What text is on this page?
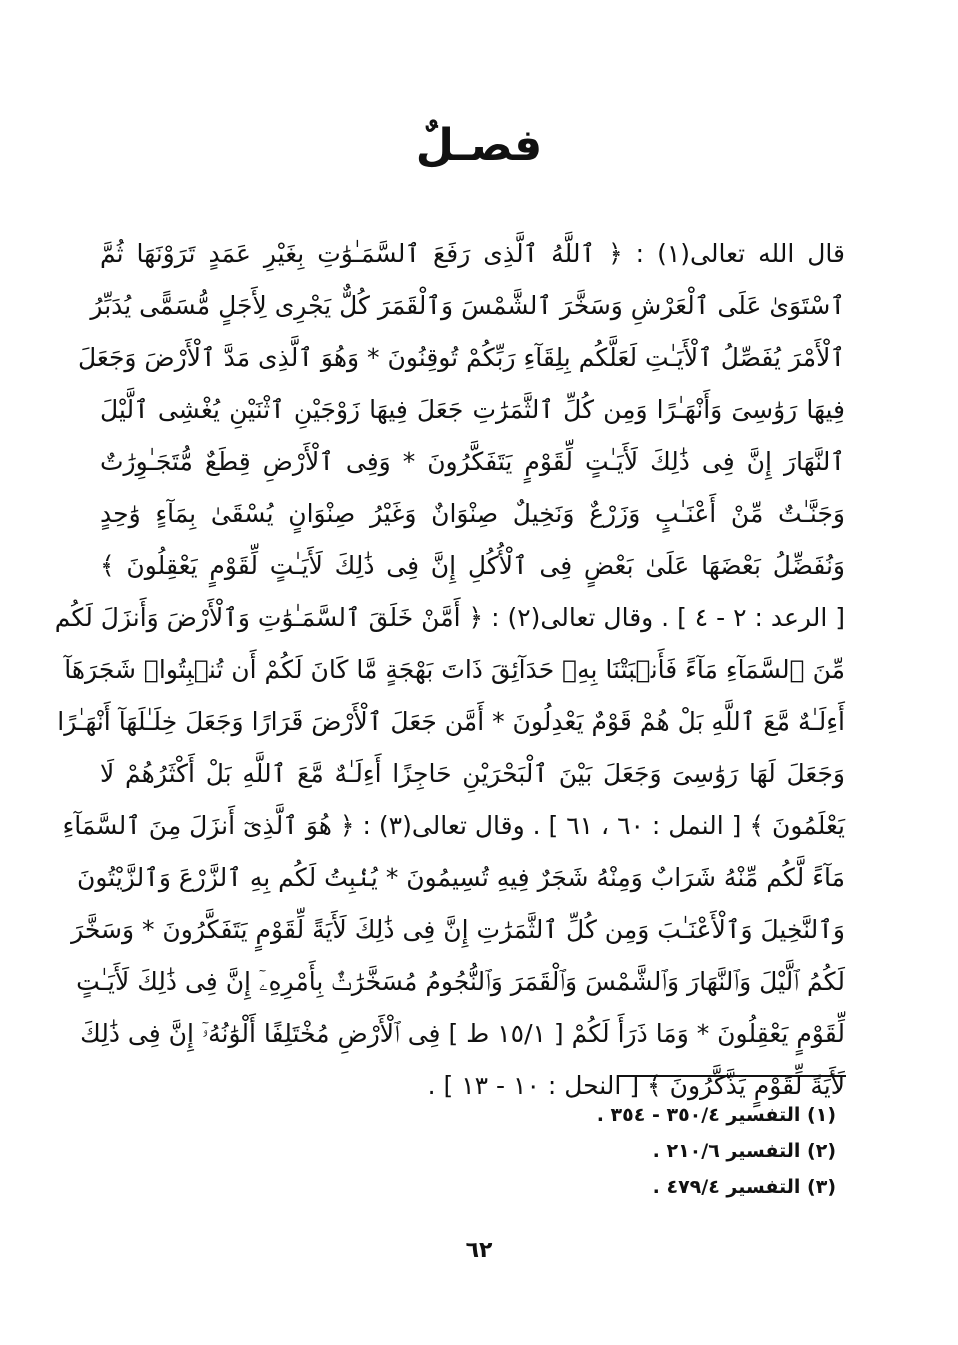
فصـلٌ
قال الله تعالى(١) : ﴿ ٱللَّهُ ٱلَّذِى رَفَعَ ٱلسَّمَـٰوَٰتِ بِغَيْرِ عَمَدٍ تَرَوْنَهَا ثُمَّ
ٱسْتَوَىٰ عَلَى ٱلْعَرْشِ وَسَخَّرَ ٱلشَّمْسَ وَٱلْقَمَرَ كُلٌّ يَجْرِى لِأَجَلٍ مُّسَمًّى يُدَبِّرُ
ٱلْأَمْرَ يُفَصِّلُ ٱلْأَيَـٰتِ لَعَلَّكُم بِلِقَآءِ رَبِّكُمْ تُوقِنُونَ * وَهُوَ ٱلَّذِى مَدَّ ٱلْأَرْضَ وَجَعَلَ
فِيهَا رَوَٰسِىَ وَأَنْهَـٰرًا وَمِن كُلِّ ٱلثَّمَرَٰتِ جَعَلَ فِيهَا زَوْجَيْنِ ٱثْنَيْنِ يُغْشِى ٱلَّيْلَ
ٱلنَّهَارَ إِنَّ فِى ذَٰلِكَ لَأَيَـٰتٍ لِّقَوْمٍ يَتَفَكَّرُونَ * وَفِى ٱلْأَرْضِ قِطَعٌ مُّتَجَـٰوِرَٰتٌ
وَجَنَّـٰتٌ مِّنْ أَعْنَـٰبٍ وَزَرْعٌ وَنَخِيلٌ صِنْوَانٌ وَغَيْرُ صِنْوَانٍ يُسْقَىٰ بِمَآءٍ وَٰحِدٍ
وَنُفَضِّلُ بَعْضَهَا عَلَىٰ بَعْضٍ فِى ٱلْأُكُلِ إِنَّ فِى ذَٰلِكَ لَأَيَـٰتٍ لِّقَوْمٍ يَعْقِلُونَ ﴾
[ الرعد : ٢ - ٤ ] . وقال تعالى(٢) : ﴿ أَمَّنْ خَلَقَ ٱلسَّمَـٰوَٰتِ وَٱلْأَرْضَ وَأَنزَلَ لَكُم
مِّنَ ٱلسَّمَآءِ مَآءً فَأَنۢبَتْنَا بِهِۦ حَدَآئِقَ ذَاتَ بَهْجَةٍ مَّا كَانَ لَكُمْ أَن تُنۢبِتُوا۟ شَجَرَهَآ
أَءِلَـٰهٌ مَّعَ ٱللَّهِ بَلْ هُمْ قَوْمٌ يَعْدِلُونَ * أَمَّن جَعَلَ ٱلْأَرْضَ قَرَارًا وَجَعَلَ خِلَـٰلَهَآ أَنْهَـٰرًا
وَجَعَلَ لَهَا رَوَٰسِىَ وَجَعَلَ بَيْنَ ٱلْبَحْرَيْنِ حَاجِزًا أَءِلَـٰهٌ مَّعَ ٱللَّهِ بَلْ أَكْثَرُهُمْ لَا
يَعْلَمُونَ ﴾ [ النمل : ٦٠ ، ٦١ ] . وقال تعالى(٣) : ﴿ هُوَ ٱلَّذِىٓ أَنزَلَ مِنَ ٱلسَّمَآءِ
مَآءً لَّكُم مِّنْهُ شَرَابٌ وَمِنْهُ شَجَرٌ فِيهِ تُسِيمُونَ * يُنۢبِتُ لَكُم بِهِ ٱلزَّرْعَ وَٱلزَّيْتُونَ
وَٱلنَّخِيلَ وَٱلْأَعْنَـٰبَ وَمِن كُلِّ ٱلثَّمَرَٰتِ إِنَّ فِى ذَٰلِكَ لَأَيَةً لِّقَوْمٍ يَتَفَكَّرُونَ * وَسَخَّرَ
لَكُمُ ٱلَّيْلَ وَٱلنَّهَارَ وَٱلشَّمْسَ وَٱلْقَمَرَ وَٱلنُّجُومُ مُسَخَّرَٰتٌۢ بِأَمْرِهِۦٓ إِنَّ فِى ذَٰلِكَ لَأَيَـٰتٍ
لِّقَوْمٍ يَعْقِلُونَ * وَمَا ذَرَأَ لَكُمْ [ ١٥/١ ط ] فِى ٱلْأَرْضِ مُخْتَلِفًا أَلْوَٰنُهُۥٓ إِنَّ فِى ذَٰلِكَ
لَأَيَةً لِّقَوْمٍ يَذَّكَّرُونَ ﴾ [ النحل : ١٠ - ١٣ ] .
(١) التفسير ٣٥٠/٤ - ٣٥٤ .
(٢) التفسير ٢١٠/٦ .
(٣) التفسير ٤٧٩/٤ .
٦٢
